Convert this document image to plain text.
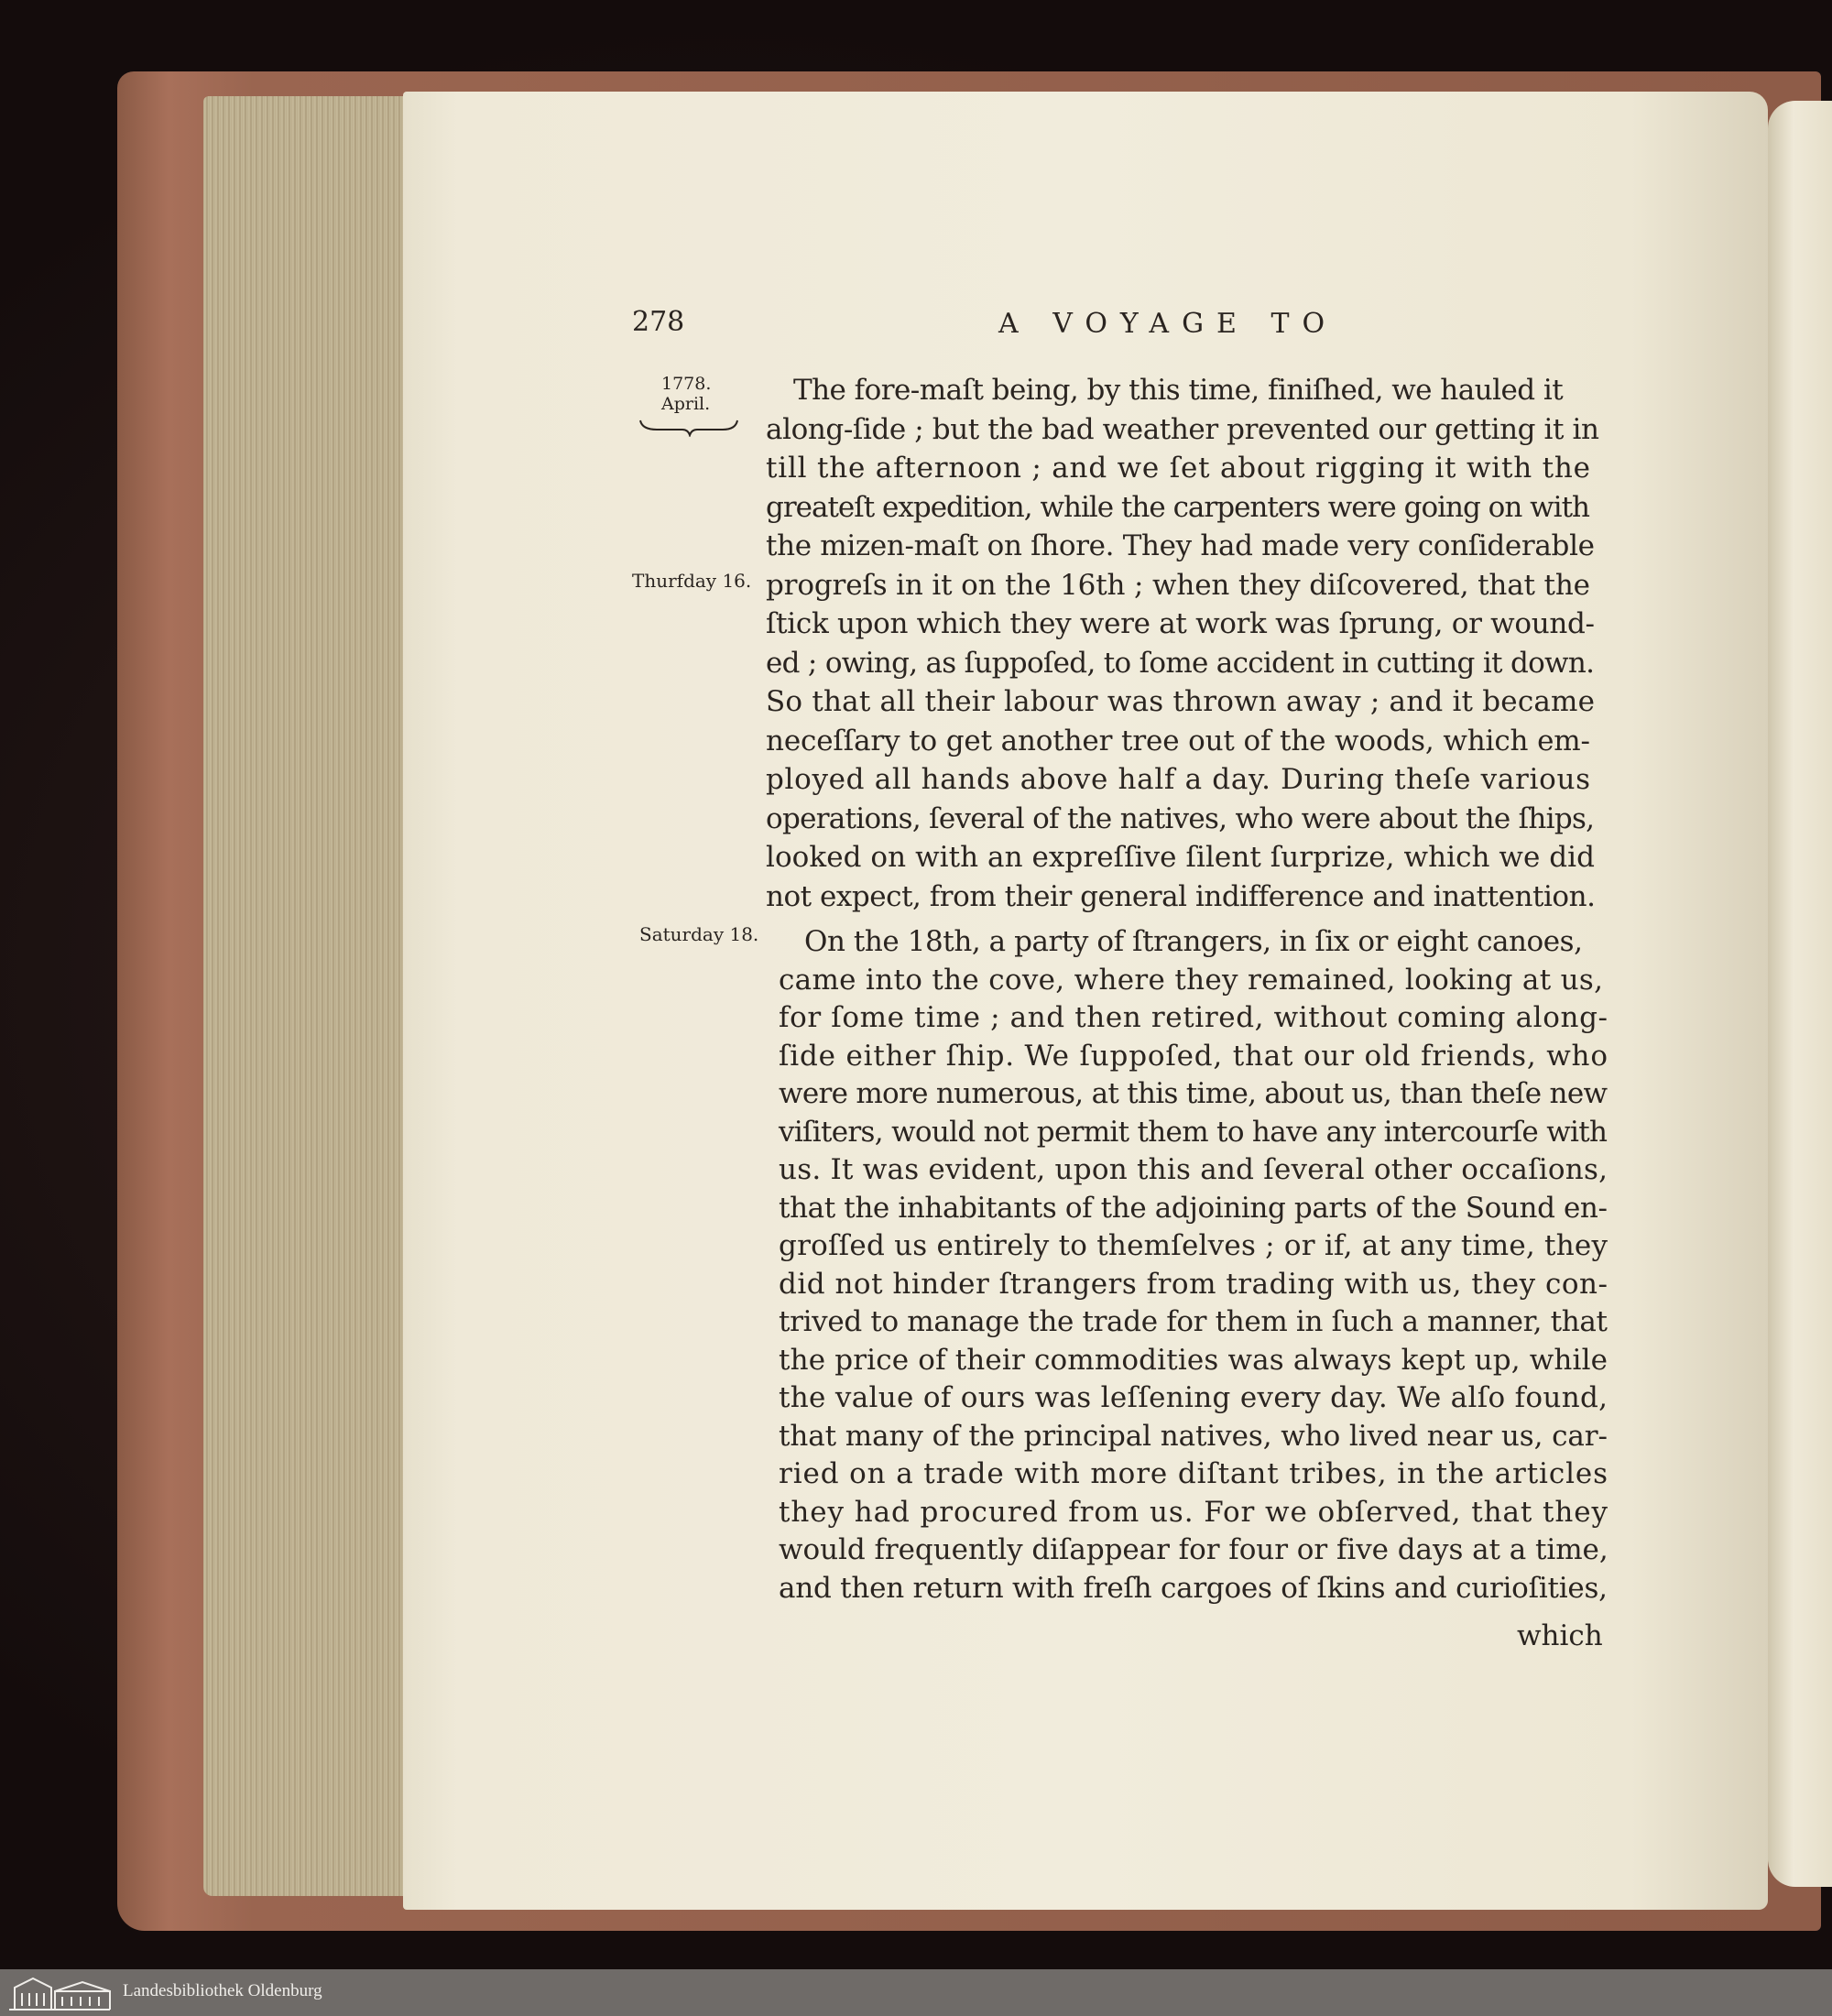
278	A VOYAGE TO
1778.
April.
Thurfday 16.
Saturday 18.
The fore-maſt being, by this time, finiſhed, we hauled it
along-ſide ; but the bad weather prevented our getting it in
till the afternoon ; and we ſet about rigging it with the
greateſt expedition, while the carpenters were going on with
the mizen-maſt on ſhore. They had made very conſiderable
progreſs in it on the 16th ; when they diſcovered, that the
ſtick upon which they were at work was ſprung, or wound-
ed ; owing, as ſuppoſed, to ſome accident in cutting it down.
So that all their labour was thrown away ; and it became
neceſſary to get another tree out of the woods, which em-
ployed all hands above half a day. During theſe various
operations, ſeveral of the natives, who were about the ſhips,
looked on with an expreſſive ſilent ſurprize, which we did
not expect, from their general indifference and inattention.
On the 18th, a party of ſtrangers, in ſix or eight canoes,
came into the cove, where they remained, looking at us,
for ſome time ; and then retired, without coming along-
ſide either ſhip. We ſuppoſed, that our old friends, who
were more numerous, at this time, about us, than theſe new
viſiters, would not permit them to have any intercourſe with
us. It was evident, upon this and ſeveral other occaſions,
that the inhabitants of the adjoining parts of the Sound en-
groſſed us entirely to themſelves ; or if, at any time, they
did not hinder ſtrangers from trading with us, they con-
trived to manage the trade for them in ſuch a manner, that
the price of their commodities was always kept up, while
the value of ours was leſſening every day. We alſo found,
that many of the principal natives, who lived near us, car-
ried on a trade with more diſtant tribes, in the articles
they had procured from us. For we obſerved, that they
would frequently diſappear for four or five days at a time,
and then return with freſh cargoes of ſkins and curioſities,
which
Landesbibliothek Oldenburg
